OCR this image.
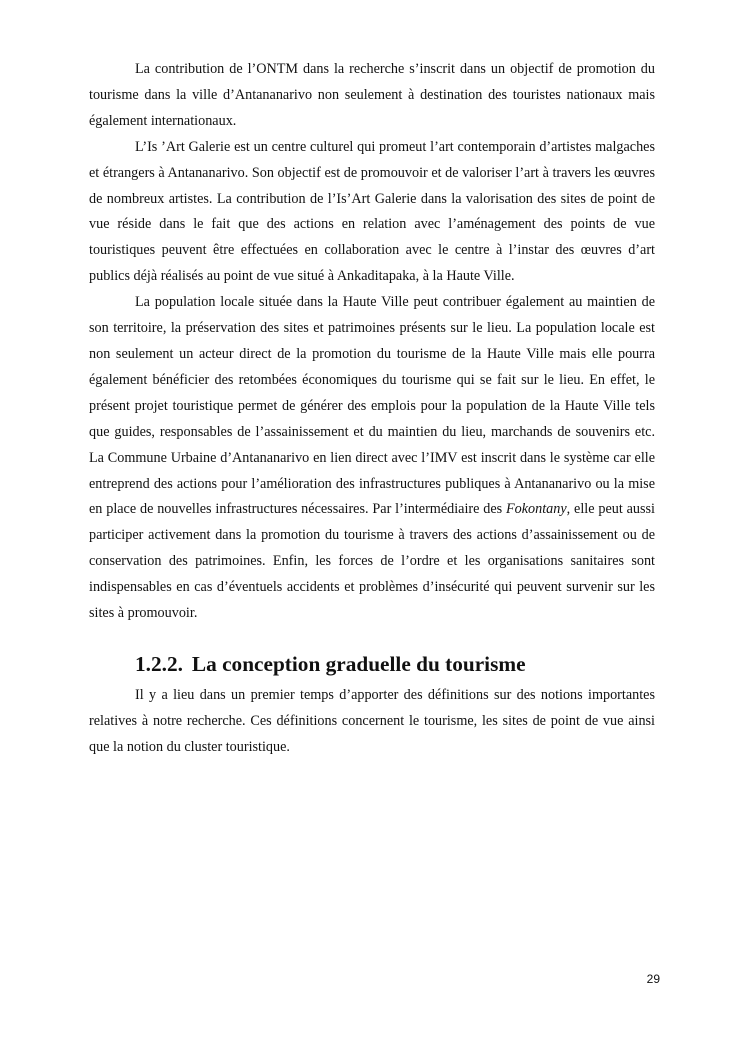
La contribution de l’ONTM dans la recherche s’inscrit dans un objectif de promotion du tourisme dans la ville d’Antananarivo non seulement à destination des touristes nationaux mais également internationaux.

L’Is ’Art Galerie est un centre culturel qui promeut l’art contemporain d’artistes malgaches et étrangers à Antananarivo. Son objectif est de promouvoir et de valoriser l’art à travers les œuvres de nombreux artistes. La contribution de l’Is’Art Galerie dans la valorisation des sites de point de vue réside dans le fait que des actions en relation avec l’aménagement des points de vue touristiques peuvent être effectuées en collaboration avec le centre à l’instar des œuvres d’art publics déjà réalisés au point de vue situé à Ankaditapaka, à la Haute Ville.

La population locale située dans la Haute Ville peut contribuer également au maintien de son territoire, la préservation des sites et patrimoines présents sur le lieu. La population locale est non seulement un acteur direct de la promotion du tourisme de la Haute Ville mais elle pourra également bénéficier des retombées économiques du tourisme qui se fait sur le lieu. En effet, le présent projet touristique permet de générer des emplois pour la population de la Haute Ville tels que guides, responsables de l’assainissement et du maintien du lieu, marchands de souvenirs etc. La Commune Urbaine d’Antananarivo en lien direct avec l’IMV est inscrit dans le système car elle entreprend des actions pour l’amélioration des infrastructures publiques à Antananarivo ou la mise en place de nouvelles infrastructures nécessaires. Par l’intermédiaire des Fokontany, elle peut aussi participer activement dans la promotion du tourisme à travers des actions d’assainissement ou de conservation des patrimoines. Enfin, les forces de l’ordre et les organisations sanitaires sont indispensables en cas d’éventuels accidents et problèmes d’insécurité qui peuvent survenir sur les sites à promouvoir.

1.2.2. La conception graduelle du tourisme

Il y a lieu dans un premier temps d’apporter des définitions sur des notions importantes relatives à notre recherche. Ces définitions concernent le tourisme, les sites de point de vue ainsi que la notion du cluster touristique.

29
